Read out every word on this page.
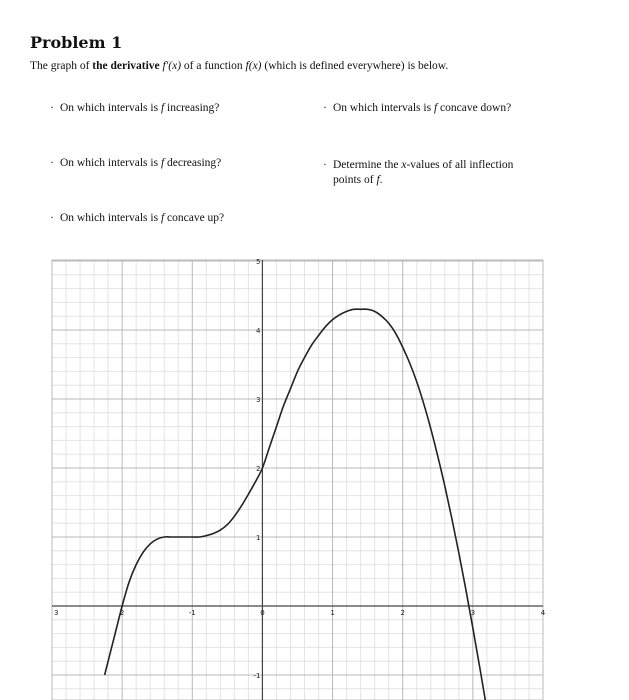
Problem 1
The graph of the derivative f′(x) of a function f(x) (which is defined everywhere) is below.
· On which intervals is f increasing?
· On which intervals is f decreasing?
· On which intervals is f concave up?
· On which intervals is f concave down?
· Determine the x-values of all inflection
points of f.
3	2	-1	0	1	2	3	4
-1
1
2
3
4
5
